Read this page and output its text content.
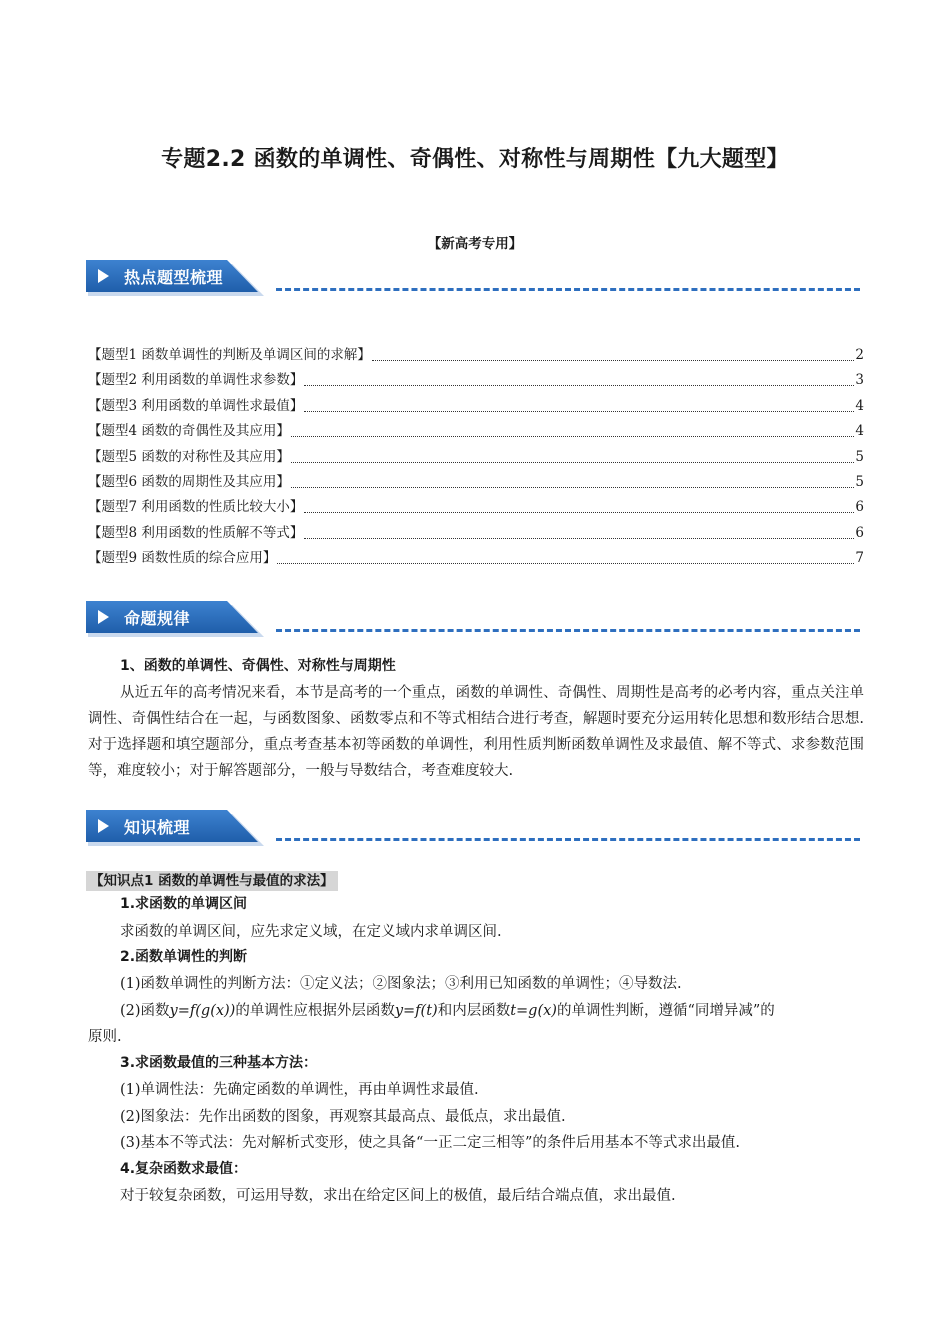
专题2.2 函数的单调性、奇偶性、对称性与周期性【九大题型】
【新高考专用】
热点题型梳理
【题型1 函数单调性的判断及单调区间的求解】	2
【题型2 利用函数的单调性求参数】	3
【题型3 利用函数的单调性求最值】	4
【题型4 函数的奇偶性及其应用】	4
【题型5 函数的对称性及其应用】	5
【题型6 函数的周期性及其应用】	5
【题型7 利用函数的性质比较大小】	6
【题型8 利用函数的性质解不等式】	6
【题型9 函数性质的综合应用】	7
命题规律
1、函数的单调性、奇偶性、对称性与周期性
从近五年的高考情况来看，本节是高考的一个重点，函数的单调性、奇偶性、周期性是高考的必考内容，重点关注单调性、奇偶性结合在一起，与函数图象、函数零点和不等式相结合进行考查，解题时要充分运用转化思想和数形结合思想. 对于选择题和填空题部分，重点考查基本初等函数的单调性，利用性质判断函数单调性及求最值、解不等式、求参数范围等，难度较小；对于解答题部分，一般与导数结合，考查难度较大.
知识梳理
【知识点1 函数的单调性与最值的求法】
1.求函数的单调区间
求函数的单调区间，应先求定义域，在定义域内求单调区间.
2.函数单调性的判断
(1)函数单调性的判断方法：①定义法；②图象法；③利用已知函数的单调性；④导数法.
(2)函数y=f(g(x))的单调性应根据外层函数y=f(t)和内层函数t=g(x)的单调性判断，遵循“同增异减”的
原则.
3.求函数最值的三种基本方法：
(1)单调性法：先确定函数的单调性，再由单调性求最值.
(2)图象法：先作出函数的图象，再观察其最高点、最低点，求出最值.
(3)基本不等式法：先对解析式变形，使之具备“一正二定三相等”的条件后用基本不等式求出最值.
4.复杂函数求最值：
对于较复杂函数，可运用导数，求出在给定区间上的极值，最后结合端点值，求出最值.
